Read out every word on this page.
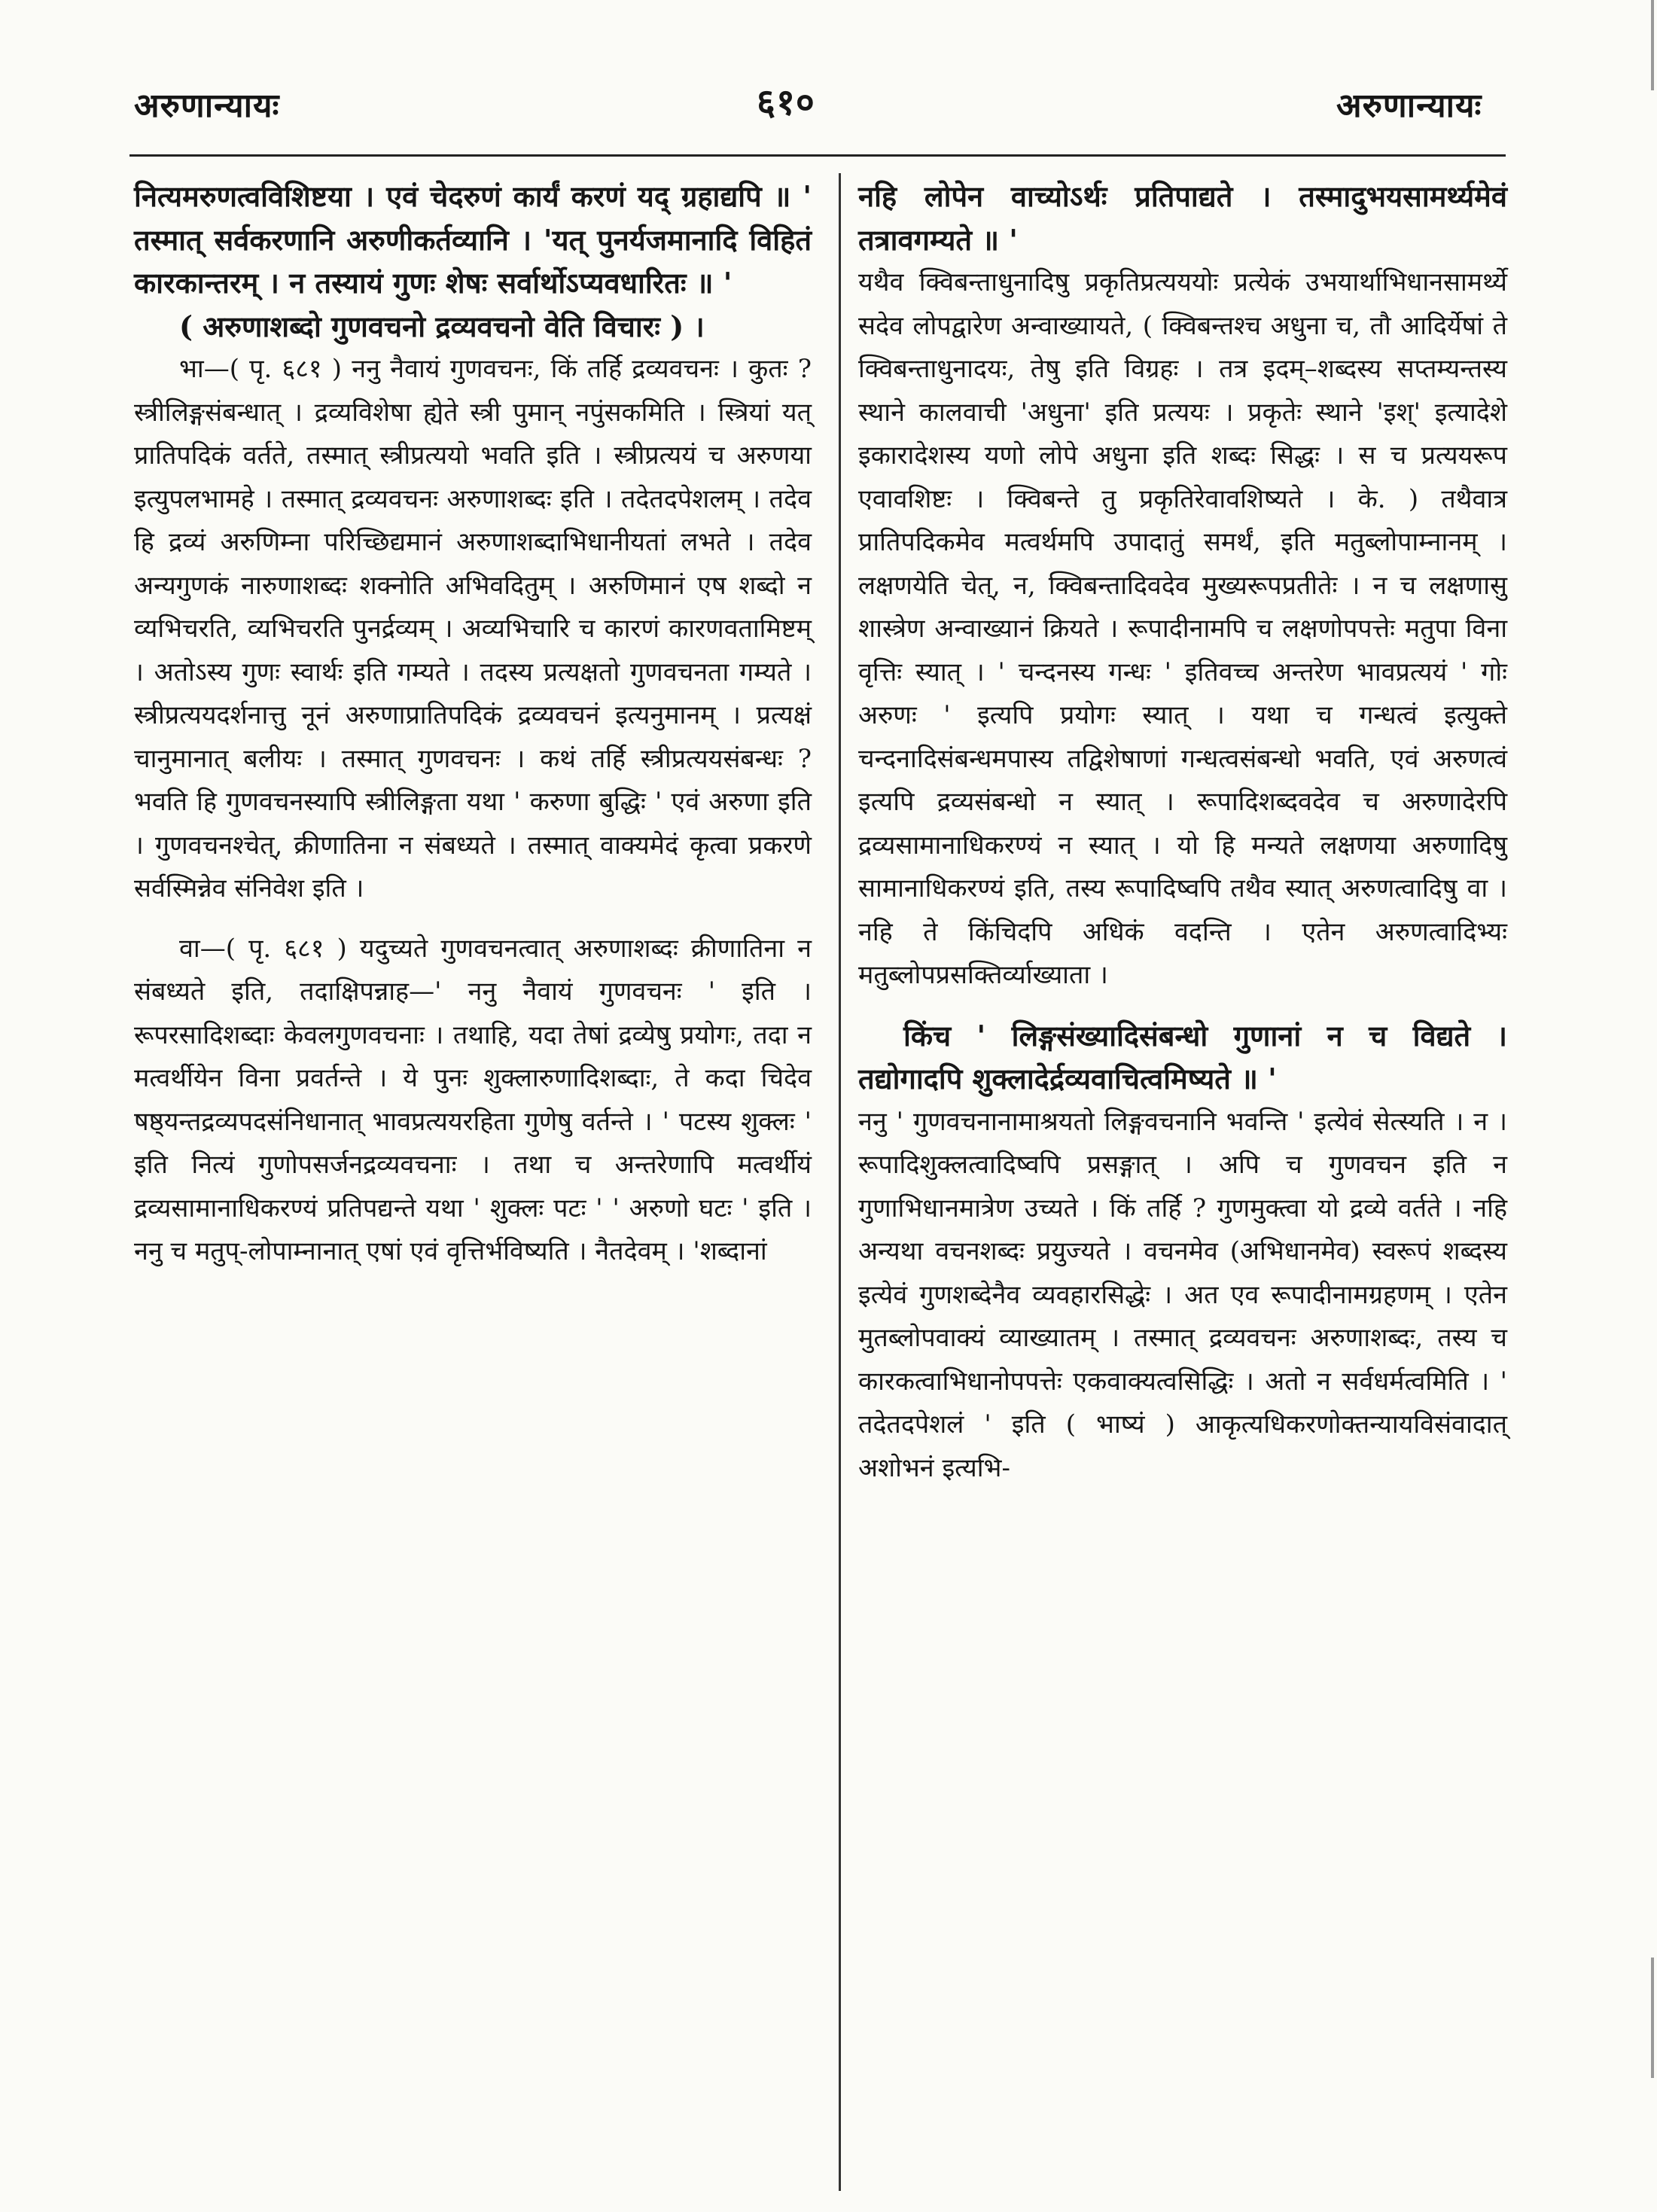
अरुणान्यायः	६१०	अरुणान्यायः

नित्यमरुणत्वविशिष्टया । एवं चेदरुणं कार्यं करणं यद् ग्रहाद्यपि ॥ ' तस्मात् सर्वकरणानि अरुणीकर्तव्यानि । 'यत् पुनर्यजमानादि विहितं कारकान्तरम् । न तस्यायं गुणः शेषः सर्वार्थोऽप्यवधारितः ॥ '

( अरुणाशब्दो गुणवचनो द्रव्यवचनो वेति विचारः ) ।

भा—( पृ. ६८१ ) ननु नैवायं गुणवचनः, किं तर्हि द्रव्यवचनः । कुतः ? स्त्रीलिङ्गसंबन्धात् । द्रव्यविशेषा ह्येते स्त्री पुमान् नपुंसकमिति । स्त्रियां यत् प्रातिपदिकं वर्तते, तस्मात् स्त्रीप्रत्ययो भवति इति । स्त्रीप्रत्ययं च अरुणया इत्युपलभामहे । तस्मात् द्रव्यवचनः अरुणाशब्दः इति । तदेतदपेशलम् । तदेव हि द्रव्यं अरुणिम्ना परिच्छिद्यमानं अरुणाशब्दाभिधानीयतां लभते । तदेव अन्यगुणकं नारुणाशब्दः शक्नोति अभिवदितुम् । अरुणिमानं एष शब्दो न व्यभिचरति, व्यभिचरति पुनर्द्रव्यम् । अव्यभिचारि च कारणं कारणवतामिष्टम् । अतोऽस्य गुणः स्वार्थः इति गम्यते । तदस्य प्रत्यक्षतो गुणवचनता गम्यते । स्त्रीप्रत्ययदर्शनात्तु नूनं अरुणाप्रातिपदिकं द्रव्यवचनं इत्यनुमानम् । प्रत्यक्षं चानुमानात् बलीयः । तस्मात् गुणवचनः । कथं तर्हि स्त्रीप्रत्ययसंबन्धः ? भवति हि गुणवचनस्यापि स्त्रीलिङ्गता यथा ' करुणा बुद्धिः ' एवं अरुणा इति । गुणवचनश्चेत्, क्रीणातिना न संबध्यते । तस्मात् वाक्यमेदं कृत्वा प्रकरणे सर्वस्मिन्नेव संनिवेश इति ।

वा—( पृ. ६८१ ) यदुच्यते गुणवचनत्वात् अरुणाशब्दः क्रीणातिना न संबध्यते इति, तदाक्षिपन्नाह—' ननु नैवायं गुणवचनः ' इति । रूपरसादिशब्दाः केवलगुणवचनाः । तथाहि, यदा तेषां द्रव्येषु प्रयोगः, तदा न मत्वर्थीयेन विना प्रवर्तन्ते । ये पुनः शुक्लारुणादिशब्दाः, ते कदा चिदेव षष्ठ्यन्तद्रव्यपदसंनिधानात् भावप्रत्ययरहिता गुणेषु वर्तन्ते । ' पटस्य शुक्लः ' इति नित्यं गुणोपसर्जनद्रव्यवचनाः । तथा च अन्तरेणापि मत्वर्थीयं द्रव्यसामानाधिकरण्यं प्रतिपद्यन्ते यथा ' शुक्लः पटः ' ' अरुणो घटः ' इति । ननु च मतुप्-लोपाम्नानात् एषां एवं वृत्तिर्भविष्यति । नैतदेवम् । 'शब्दानां

नहि लोपेन वाच्योऽर्थः प्रतिपाद्यते । तस्मादुभयसामर्थ्यमेवं तत्रावगम्यते ॥ '

यथैव क्विबन्ताधुनादिषु प्रकृतिप्रत्यययोः प्रत्येकं उभयार्थाभिधानसामर्थ्ये सदेव लोपद्वारेण अन्वाख्यायते, ( क्विबन्तश्च अधुना च, तौ आदिर्येषां ते क्विबन्ताधुनादयः, तेषु इति विग्रहः । तत्र इदम्–शब्दस्य सप्तम्यन्तस्य स्थाने कालवाची 'अधुना' इति प्रत्ययः । प्रकृतेः स्थाने 'इश्' इत्यादेशे इकारादेशस्य यणो लोपे अधुना इति शब्दः सिद्धः । स च प्रत्ययरूप एवावशिष्टः । क्विबन्ते तु प्रकृतिरेवावशिष्यते । के. ) तथैवात्र प्रातिपदिकमेव मत्वर्थमपि उपादातुं समर्थं, इति मतुब्लोपाम्नानम् । लक्षणयेति चेत्, न, क्विबन्तादिवदेव मुख्यरूपप्रतीतेः । न च लक्षणासु शास्त्रेण अन्वाख्यानं क्रियते । रूपादीनामपि च लक्षणोपपत्तेः मतुपा विना वृत्तिः स्यात् । ' चन्दनस्य गन्धः ' इतिवच्च अन्तरेण भावप्रत्ययं ' गोः अरुणः ' इत्यपि प्रयोगः स्यात् । यथा च गन्धत्वं इत्युक्ते चन्दनादिसंबन्धमपास्य तद्विशेषाणां गन्धत्वसंबन्धो भवति, एवं अरुणत्वं इत्यपि द्रव्यसंबन्धो न स्यात् । रूपादिशब्दवदेव च अरुणादेरपि द्रव्यसामानाधिकरण्यं न स्यात् । यो हि मन्यते लक्षणया अरुणादिषु सामानाधिकरण्यं इति, तस्य रूपादिष्वपि तथैव स्यात् अरुणत्वादिषु वा । नहि ते किंचिदपि अधिकं वदन्ति । एतेन अरुणत्वादिभ्यः मतुब्लोपप्रसक्तिर्व्याख्याता ।

किंच ' लिङ्गसंख्यादिसंबन्धो गुणानां न च विद्यते । तद्योगादपि शुक्लादेर्द्रव्यवाचित्वमिष्यते ॥ '

ननु ' गुणवचनानामाश्रयतो लिङ्गवचनानि भवन्ति ' इत्येवं सेत्स्यति । न । रूपादिशुक्लत्वादिष्वपि प्रसङ्गात् । अपि च गुणवचन इति न गुणाभिधानमात्रेण उच्यते । किं तर्हि ? गुणमुक्त्वा यो द्रव्ये वर्तते । नहि अन्यथा वचनशब्दः प्रयुज्यते । वचनमेव (अभिधानमेव) स्वरूपं शब्दस्य इत्येवं गुणशब्देनैव व्यवहारसिद्धेः । अत एव रूपादीनामग्रहणम् । एतेन मुतब्लोपवाक्यं व्याख्यातम् । तस्मात् द्रव्यवचनः अरुणाशब्दः, तस्य च कारकत्वाभिधानोपपत्तेः एकवाक्यत्वसिद्धिः । अतो न सर्वधर्मत्वमिति । ' तदेतदपेशलं ' इति ( भाष्यं ) आकृत्यधिकरणोक्तन्यायविसंवादात् अशोभनं इत्यभि-
